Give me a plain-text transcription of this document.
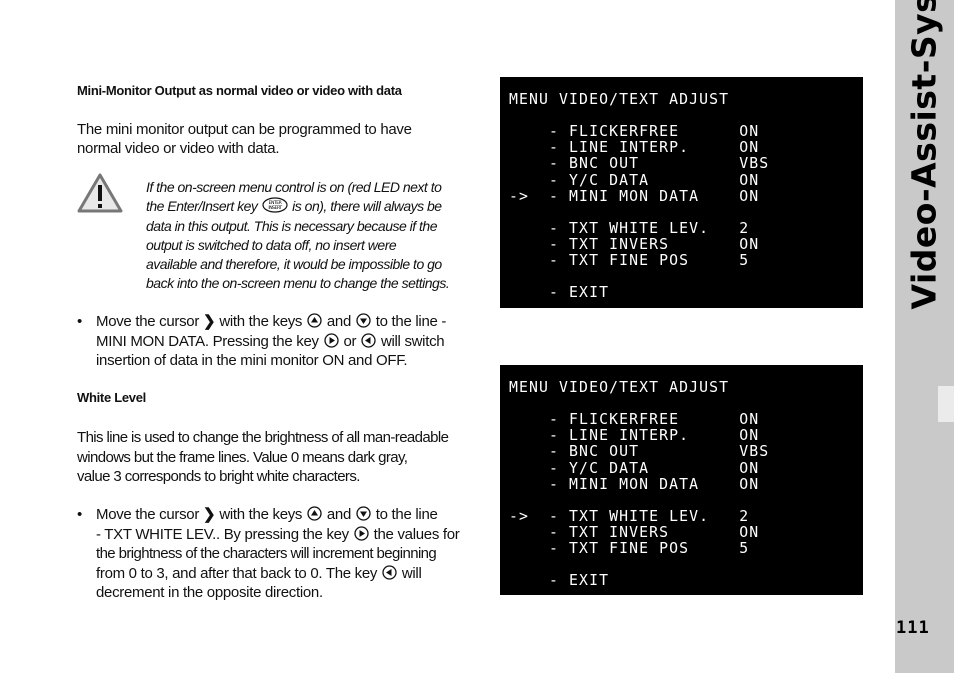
111
Mini-Monitor Output as normal video or video with data
The mini monitor output can be programmed to have
normal video or video with data.
If the on-screen menu control is on (red LED next to
the Enter/Insert key ENTER
INSERT is on), there will always be
data in this output. This is necessary because if the
output is switched to data off, no insert were
available and therefore, it would be impossible to go
back into the on-screen menu to change the settings.
• Move the cursor ❯ with the keys and to the line -
MINI MON DATA. Pressing the key or will switch
insertion of data in the mini monitor ON and OFF.
White Level
This line is used to change the brightness of all man-readable
windows but the frame lines. Value 0 means dark gray,
value 3 corresponds to bright white characters.
• Move the cursor ❯ with the keys and to the line
- TXT WHITE LEV.. By pressing the key the values for
the brightness of the characters will increment beginning
from 0 to 3, and after that back to 0. The key will
decrement in the opposite direction.
MENU VIDEO/TEXT ADJUST
- FLICKERFREE      ON
- LINE INTERP.     ON
- BNC OUT          VBS
- Y/C DATA         ON
->  - MINI MON DATA    ON
- TXT WHITE LEV.   2
- TXT INVERS       ON
- TXT FINE POS     5
- EXIT
MENU VIDEO/TEXT ADJUST
- FLICKERFREE      ON
- LINE INTERP.     ON
- BNC OUT          VBS
- Y/C DATA         ON
- MINI MON DATA    ON
->  - TXT WHITE LEV.   2
- TXT INVERS       ON
- TXT FINE POS     5
- EXIT
